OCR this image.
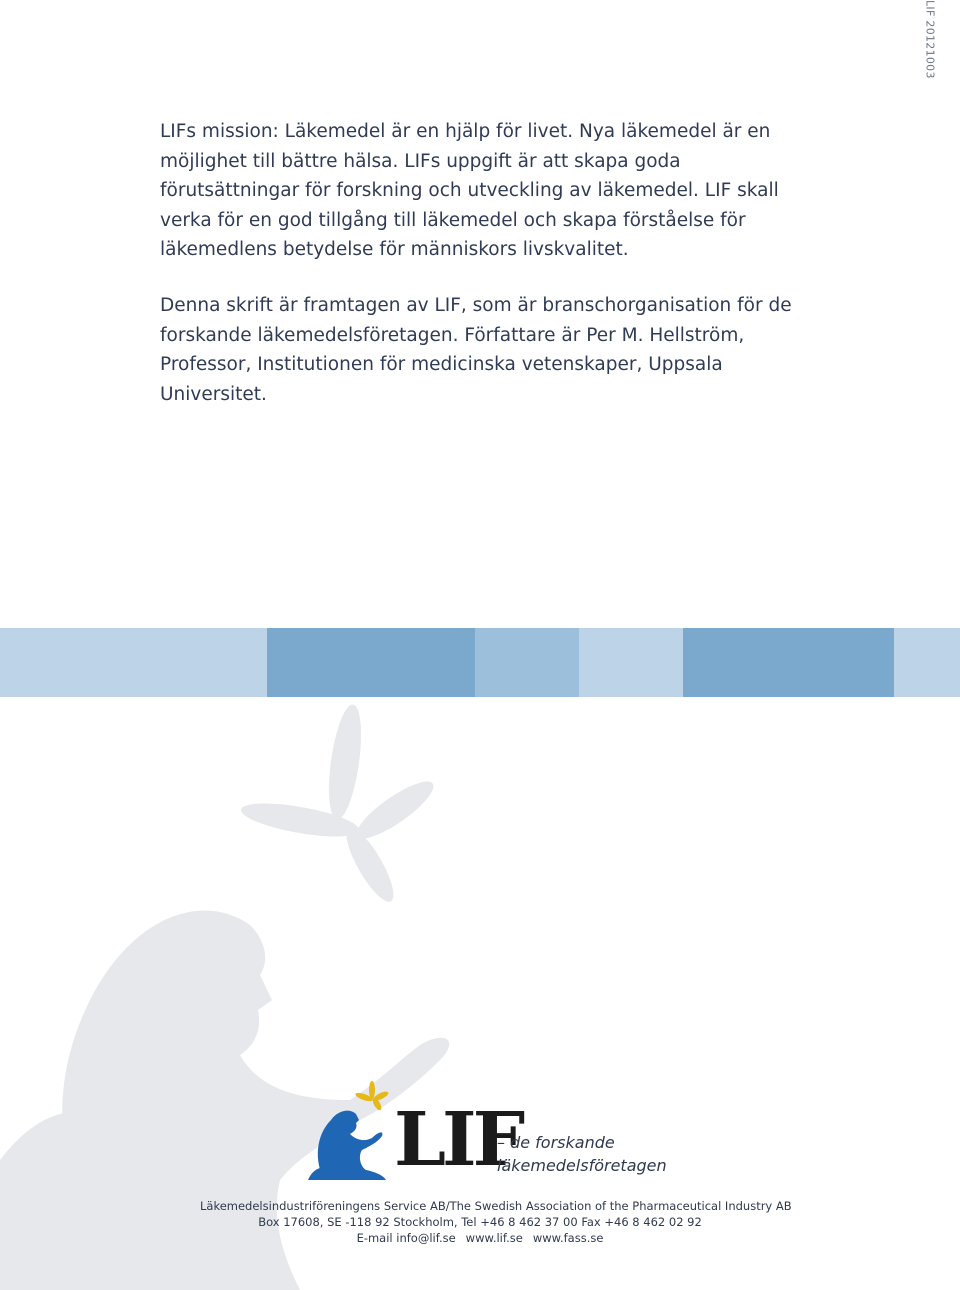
LIF 20121003

LIFs mission: Läkemedel är en hjälp för livet. Nya läkemedel är en möjlighet till bättre hälsa. LIFs uppgift är att skapa goda förutsättningar för forskning och utveckling av läkemedel. LIF skall verka för en god tillgång till läkemedel och skapa förståelse för läkemedlens betydelse för människors livskvalitet.

Denna skrift är framtagen av LIF, som är branschorganisation för de forskande läkemedelsföretagen. Författare är Per M. Hellström, Professor, Institutionen för medicinska vetenskaper, Uppsala Universitet.

LIF
– de forskande
läkemedelsföretagen
Läkemedelsindustriföreningens Service AB/The Swedish Association of the Pharmaceutical Industry AB
Box 17608, SE -118 92 Stockholm, Tel +46 8 462 37 00 Fax +46 8 462 02 92
E-mail info@lif.se www.lif.se www.fass.se
